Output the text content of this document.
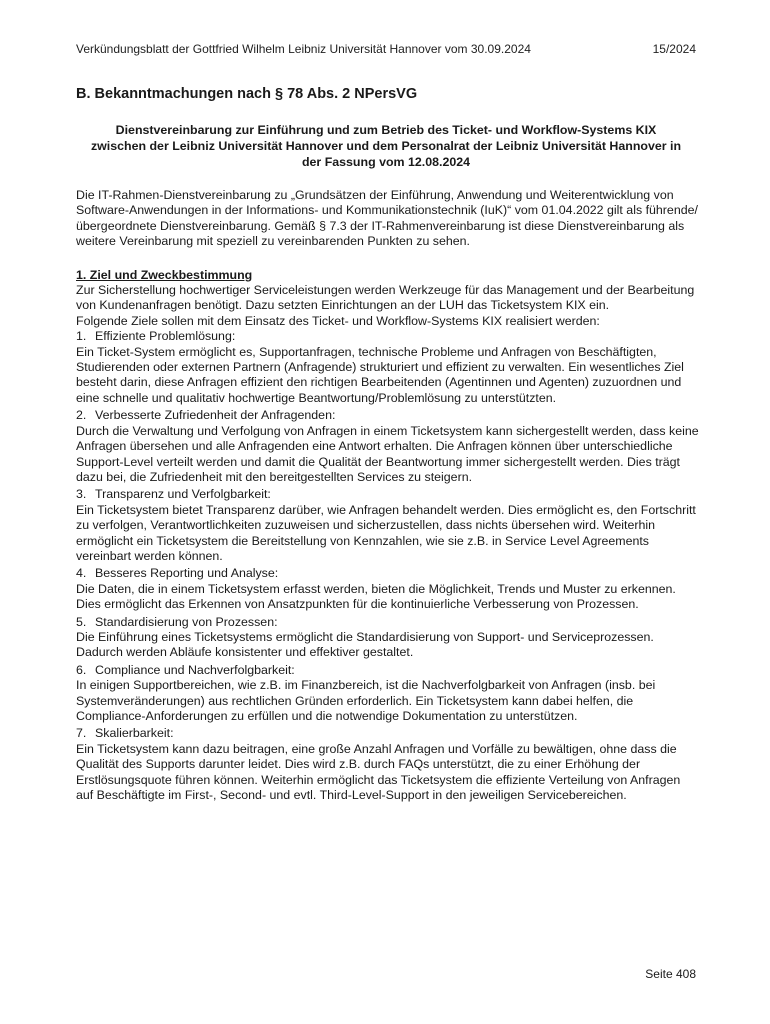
Verkündungsblatt der Gottfried Wilhelm Leibniz Universität Hannover vom 30.09.2024	15/2024
B. Bekanntmachungen nach § 78 Abs. 2 NPersVG
Dienstvereinbarung zur Einführung und zum Betrieb des Ticket- und Workflow-Systems KIX
zwischen der Leibniz Universität Hannover und dem Personalrat der Leibniz Universität Hannover in
der Fassung vom 12.08.2024

Die IT-Rahmen-Dienstvereinbarung zu „Grundsätzen der Einführung, Anwendung und Weiterentwicklung von Software-Anwendungen in der Informations- und Kommunikationstechnik (IuK)“ vom 01.04.2022 gilt als führende/übergeordnete Dienstvereinbarung. Gemäß § 7.3 der IT-Rahmenvereinbarung ist diese Dienstvereinbarung als weitere Vereinbarung mit speziell zu vereinbarenden Punkten zu sehen.

1. Ziel und Zweckbestimmung

Zur Sicherstellung hochwertiger Serviceleistungen werden Werkzeuge für das Management und der Bearbeitung von Kundenanfragen benötigt. Dazu setzten Einrichtungen an der LUH das Ticketsystem KIX ein.

Folgende Ziele sollen mit dem Einsatz des Ticket- und Workflow-Systems KIX realisiert werden:

1. Effiziente Problemlösung:

Ein Ticket-System ermöglicht es, Supportanfragen, technische Probleme und Anfragen von Beschäftigten, Studierenden oder externen Partnern (Anfragende) strukturiert und effizient zu verwalten. Ein wesentliches Ziel besteht darin, diese Anfragen effizient den richtigen Bearbeitenden (Agentinnen und Agenten) zuzuordnen und eine schnelle und qualitativ hochwertige Beantwortung/Problemlösung zu unterstützten.

2. Verbesserte Zufriedenheit der Anfragenden:

Durch die Verwaltung und Verfolgung von Anfragen in einem Ticketsystem kann sichergestellt werden, dass keine Anfragen übersehen und alle Anfragenden eine Antwort erhalten. Die Anfragen können über unterschiedliche Support-Level verteilt werden und damit die Qualität der Beantwortung immer sichergestellt werden. Dies trägt dazu bei, die Zufriedenheit mit den bereitgestellten Services zu steigern.

3. Transparenz und Verfolgbarkeit:

Ein Ticketsystem bietet Transparenz darüber, wie Anfragen behandelt werden. Dies ermöglicht es, den Fortschritt zu verfolgen, Verantwortlichkeiten zuzuweisen und sicherzustellen, dass nichts übersehen wird. Weiterhin ermöglicht ein Ticketsystem die Bereitstellung von Kennzahlen, wie sie z.B. in Service Level Agreements vereinbart werden können.

4. Besseres Reporting und Analyse:

Die Daten, die in einem Ticketsystem erfasst werden, bieten die Möglichkeit, Trends und Muster zu erkennen. Dies ermöglicht das Erkennen von Ansatzpunkten für die kontinuierliche Verbesserung von Prozessen.

5. Standardisierung von Prozessen:

Die Einführung eines Ticketsystems ermöglicht die Standardisierung von Support- und Serviceprozessen. Dadurch werden Abläufe konsistenter und effektiver gestaltet.

6. Compliance und Nachverfolgbarkeit:

In einigen Supportbereichen, wie z.B. im Finanzbereich, ist die Nachverfolgbarkeit von Anfragen (insb. bei Systemveränderungen) aus rechtlichen Gründen erforderlich. Ein Ticketsystem kann dabei helfen, die Compliance-Anforderungen zu erfüllen und die notwendige Dokumentation zu unterstützen.

7. Skalierbarkeit:

Ein Ticketsystem kann dazu beitragen, eine große Anzahl Anfragen und Vorfälle zu bewältigen, ohne dass die Qualität des Supports darunter leidet. Dies wird z.B. durch FAQs unterstützt, die zu einer Erhöhung der Erstlösungsquote führen können. Weiterhin ermöglicht das Ticketsystem die effiziente Verteilung von Anfragen auf Beschäftigte im First-, Second- und evtl. Third-Level-Support in den jeweiligen Servicebereichen.

Seite 408
